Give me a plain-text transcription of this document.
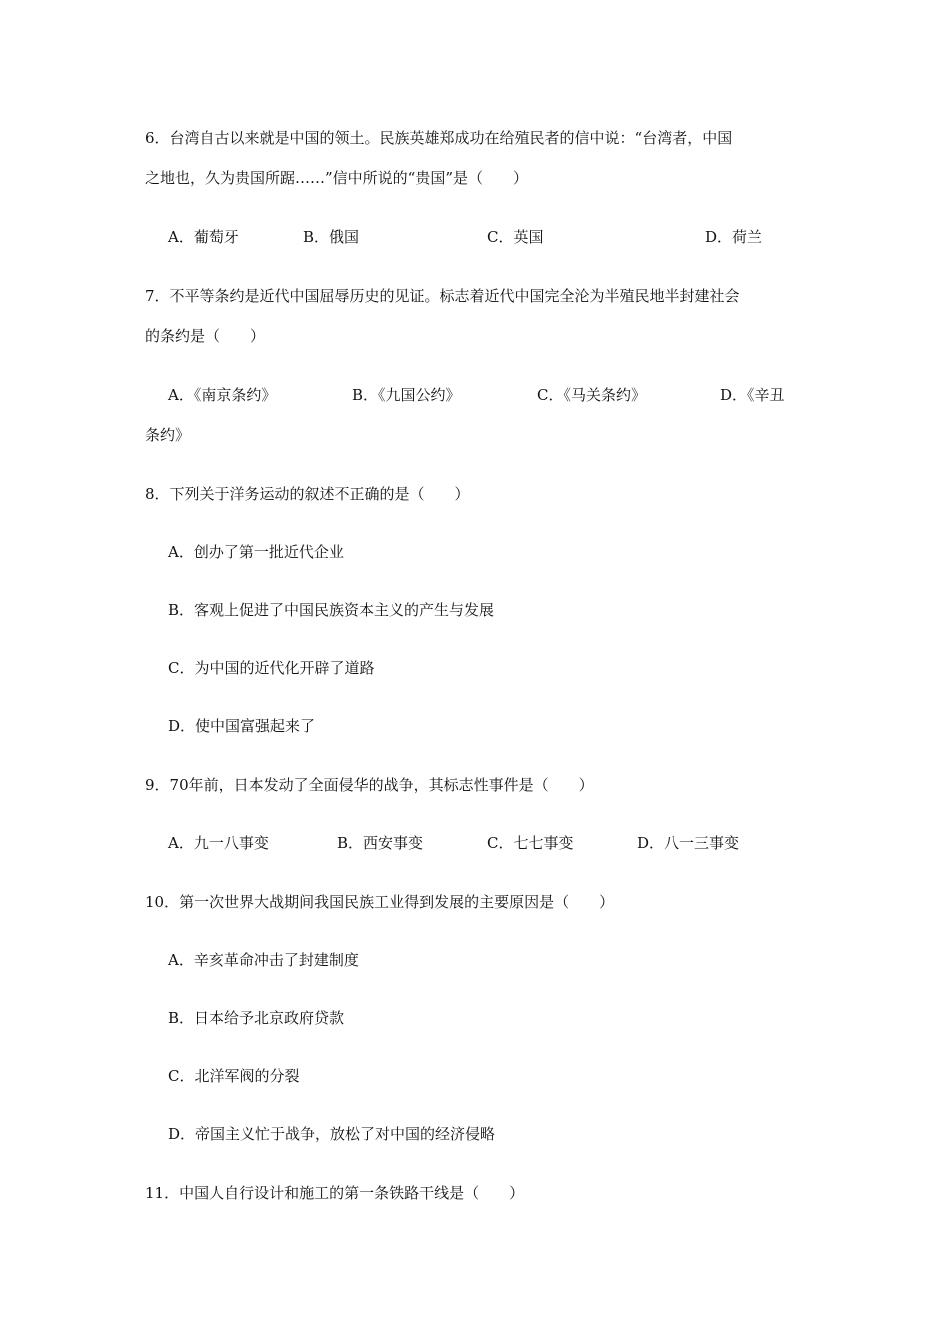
6．台湾自古以来就是中国的领土。民族英雄郑成功在给殖民者的信中说：“台湾者，中国
之地也，久为贵国所踞……”信中所说的“贵国”是（　　）
A．葡萄牙	B．俄国	C．英国	D．荷兰
7．不平等条约是近代中国屈辱历史的见证。标志着近代中国完全沦为半殖民地半封建社会
的条约是（　　）
A．《南京条约》	B．《九国公约》	C．《马关条约》	D．《辛丑
条约》
8．下列关于洋务运动的叙述不正确的是（　　）
A．创办了第一批近代企业
B．客观上促进了中国民族资本主义的产生与发展
C．为中国的近代化开辟了道路
D．使中国富强起来了
9．70年前，日本发动了全面侵华的战争，其标志性事件是（　　）
A．九一八事变	B．西安事变	C．七七事变	D．八一三事变
10．第一次世界大战期间我国民族工业得到发展的主要原因是（　　）
A．辛亥革命冲击了封建制度
B．日本给予北京政府贷款
C．北洋军阀的分裂
D．帝国主义忙于战争，放松了对中国的经济侵略
11．中国人自行设计和施工的第一条铁路干线是（　　）
